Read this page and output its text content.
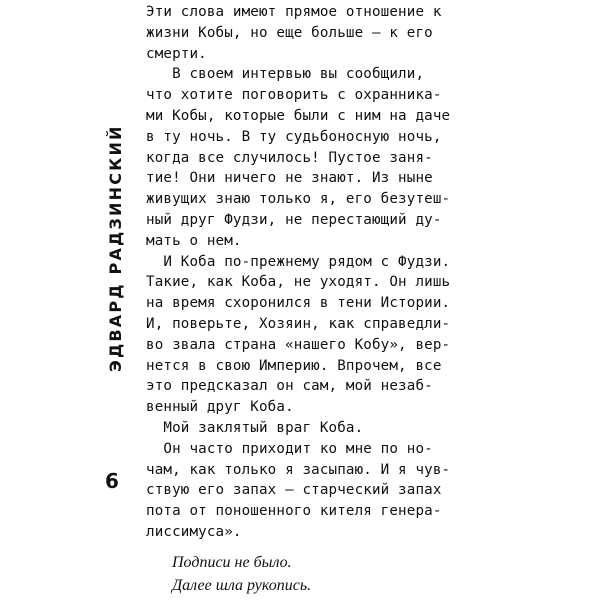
ЭДВАРД РАДЗИНСКИЙ
6
Эти слова имеют прямое отношение к
жизни Кобы, но еще больше — к его
смерти.
В своем интервью вы сообщили,
что хотите поговорить с охранника-
ми Кобы, которые были с ним на даче
в ту ночь. В ту судьбоносную ночь,
когда все случилось! Пустое заня-
тие! Они ничего не знают. Из ныне
живущих знаю только я, его безутеш-
ный друг Фудзи, не перестающий ду-
мать о нем.
И Коба по-прежнему рядом с Фудзи.
Такие, как Коба, не уходят. Он лишь
на время схоронился в тени Истории.
И, поверьте, Хозяин, как справедли-
во звала страна «нашего Кобу», вер-
нется в свою Империю. Впрочем, все
это предсказал он сам, мой незаб-
венный друг Коба.
Мой заклятый враг Коба.
Он часто приходит ко мне по но-
чам, как только я засыпаю. И я чув-
ствую его запах — старческий запах
пота от поношенного кителя генера-
лиссимуса».
Подписи не было.
Далее шла рукопись.
